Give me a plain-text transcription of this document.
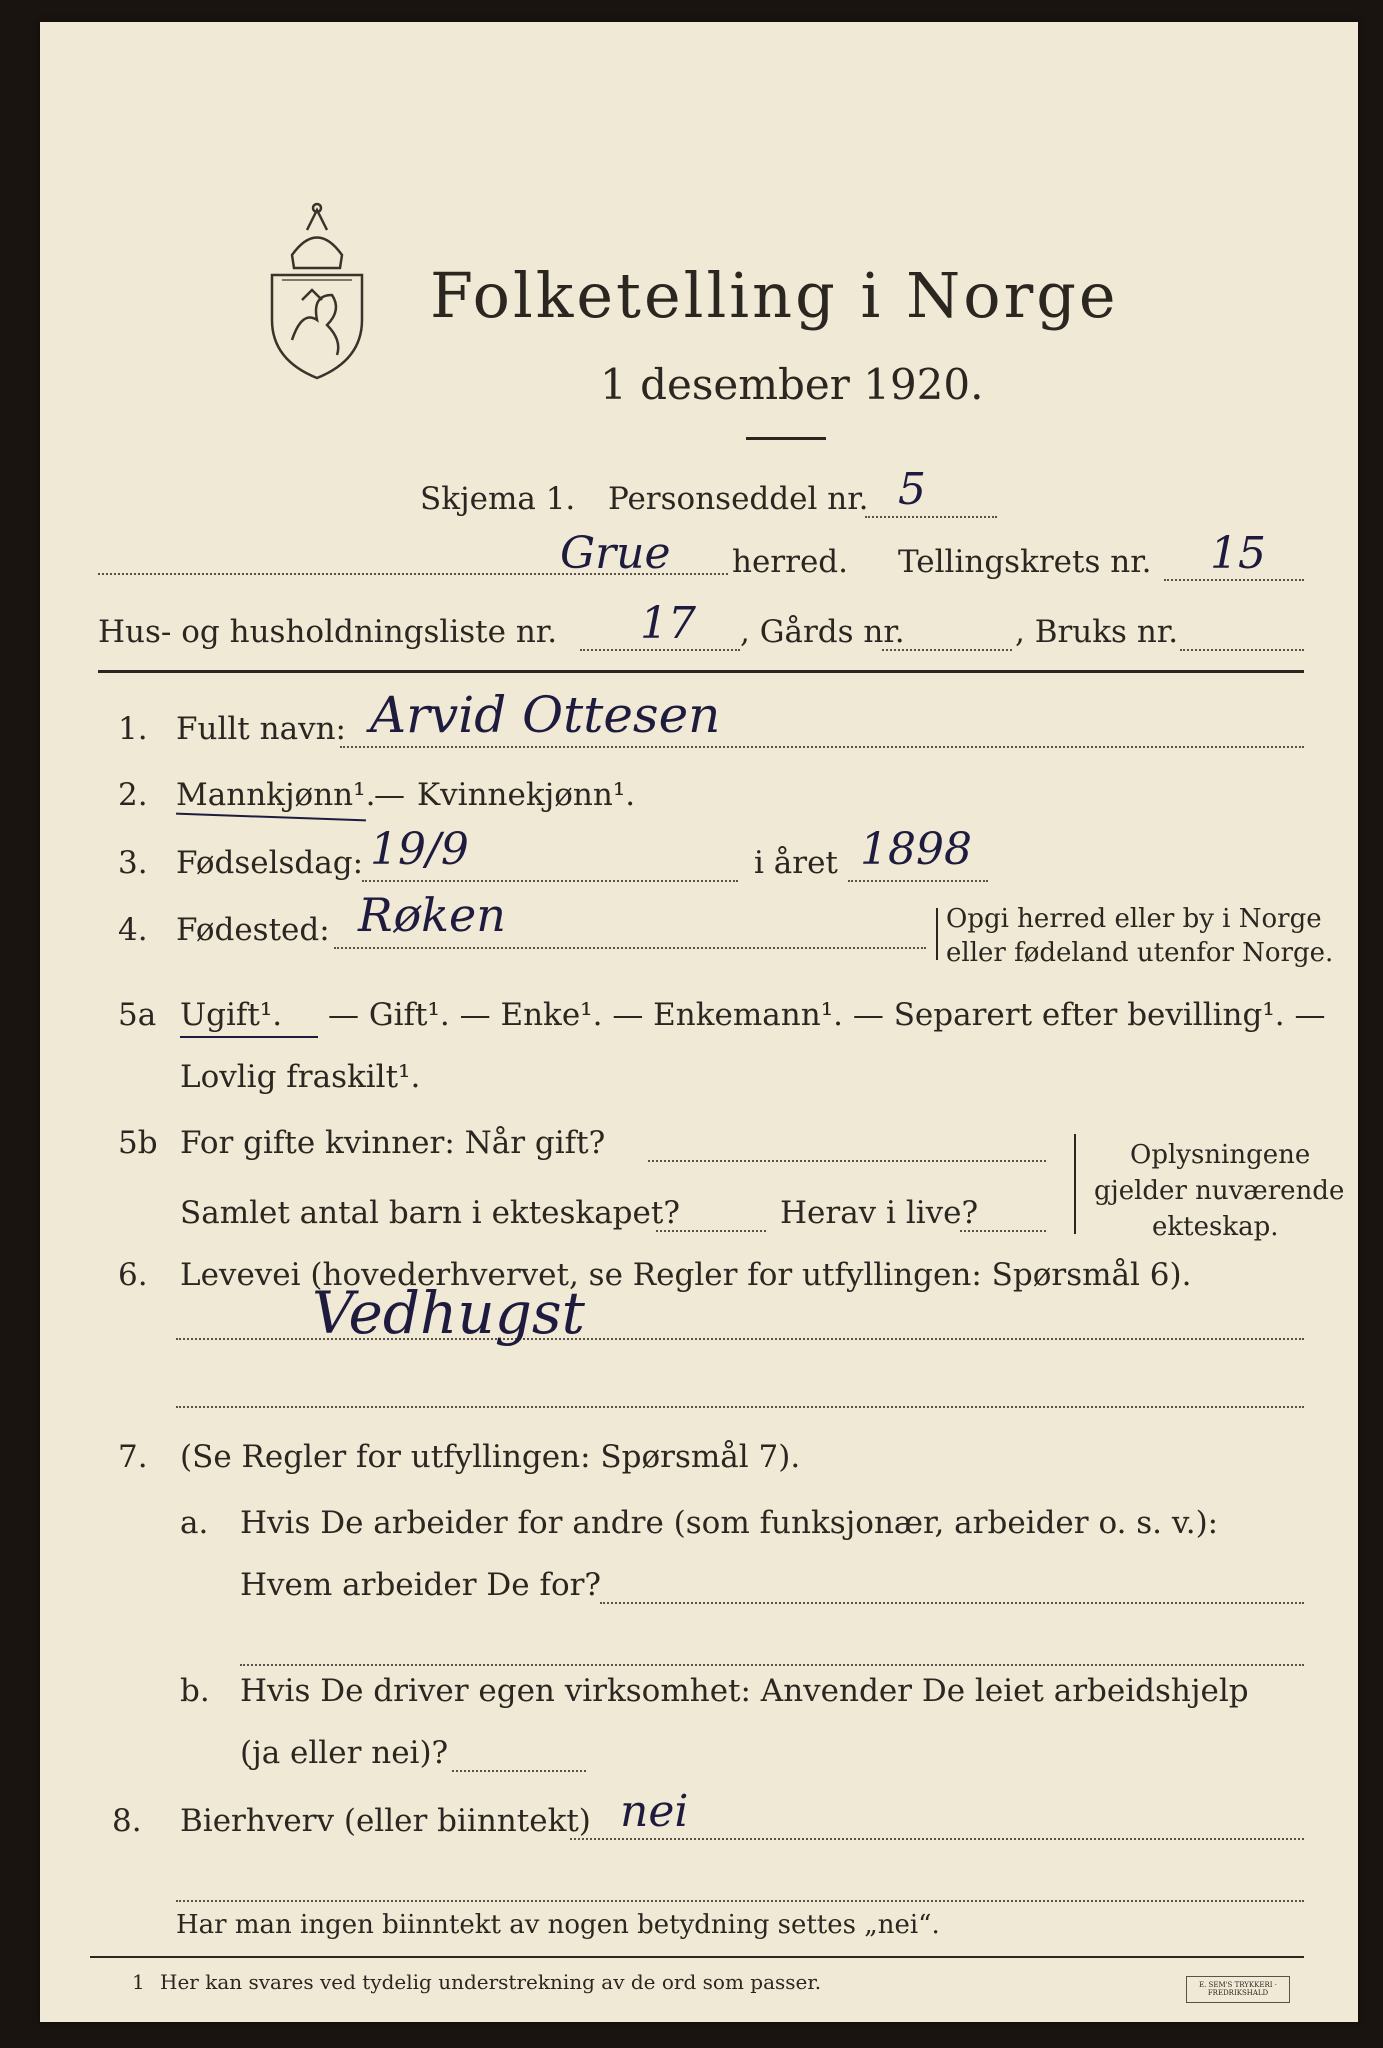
Folketelling i Norge
1 desember 1920.
Skjema 1. Personseddel nr. 5
Grue herred. Tellingskrets nr. 15
Hus- og husholdningsliste nr. 17 , Gårds nr.	, Bruks nr.
1. Fullt navn: Arvid Ottesen
2. Mannkjønn¹.
— Kvinnekjønn¹.
3. Fødselsdag: 19/9	i året 1898
4. Fødested: Røken	Opgi herred eller by i Norge
eller fødeland utenfor Norge.
5a Ugift¹. — Gift¹. — Enke¹. — Enkemann¹. — Separert efter bevilling¹. —
Lovlig fraskilt¹.
5b For gifte kvinner: Når gift?
Samlet antal barn i ekteskapet?	Herav i live?
Oplysningene
gjelder nuværende
ekteskap.
6. Levevei (hovederhvervet, se Regler for utfyllingen: Spørsmål 6).
Vedhugst
7. (Se Regler for utfyllingen: Spørsmål 7).
a. Hvis De arbeider for andre (som funksjonær, arbeider o. s. v.):
Hvem arbeider De for?
b. Hvis De driver egen virksomhet: Anvender De leiet arbeidshjelp
(ja eller nei)?
8. Bierhverv (eller biinntekt) nei
Har man ingen biinntekt av nogen betydning settes „nei“.
1 Her kan svares ved tydelig understrekning av de ord som passer.	E. SEM'S TRYKKERI · FREDRIKSHALD
